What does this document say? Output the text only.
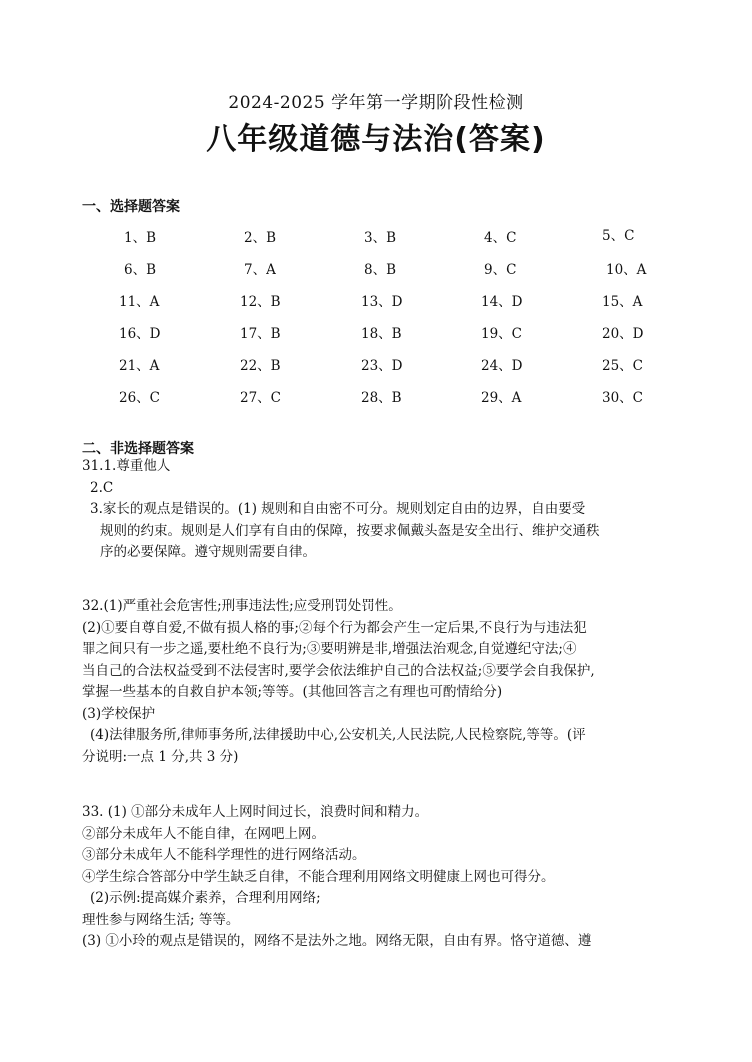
2024-2025 学年第一学期阶段性检测
八年级道德与法治(答案)
一、选择题答案
1、B	2、B	3、B	4、C	5、C
6、B	7、A	8、B	9、C	10、A
11、A	12、B	13、D	14、D	15、A
16、D	17、B	18、B	19、C	20、D
21、A	22、B	23、D	24、D	25、C
26、C	27、C	28、B	29、A	30、C
二、非选择题答案
31.1.尊重他人
2.C
3.家长的观点是错误的。(1) 规则和自由密不可分。规则划定自由的边界，自由要受
规则的约束。规则是人们享有自由的保障，按要求佩戴头盔是安全出行、维护交通秩
序的必要保障。遵守规则需要自律。
32.(1)严重社会危害性;刑事违法性;应受刑罚处罚性。
(2)①要自尊自爱,不做有损人格的事;②每个行为都会产生一定后果,不良行为与违法犯
罪之间只有一步之遥,要杜绝不良行为;③要明辨是非,增强法治观念,自觉遵纪守法;④
当自己的合法权益受到不法侵害时,要学会依法维护自己的合法权益;⑤要学会自我保护,
掌握一些基本的自救自护本领;等等。(其他回答言之有理也可酌情给分)
(3)学校保护
(4)法律服务所,律师事务所,法律援助中心,公安机关,人民法院,人民检察院,等等。(评
分说明:一点 1 分,共 3 分)
33. (1) ①部分未成年人上网时间过长，浪费时间和精力。
②部分未成年人不能自律，在网吧上网。
③部分未成年人不能科学理性的进行网络活动。
④学生综合答部分中学生缺乏自律，不能合理利用网络文明健康上网也可得分。
(2)示例:提高媒介素养，合理利用网络;
理性参与网络生活; 等等。
(3) ①小玲的观点是错误的，网络不是法外之地。网络无限，自由有界。恪守道德、遵
